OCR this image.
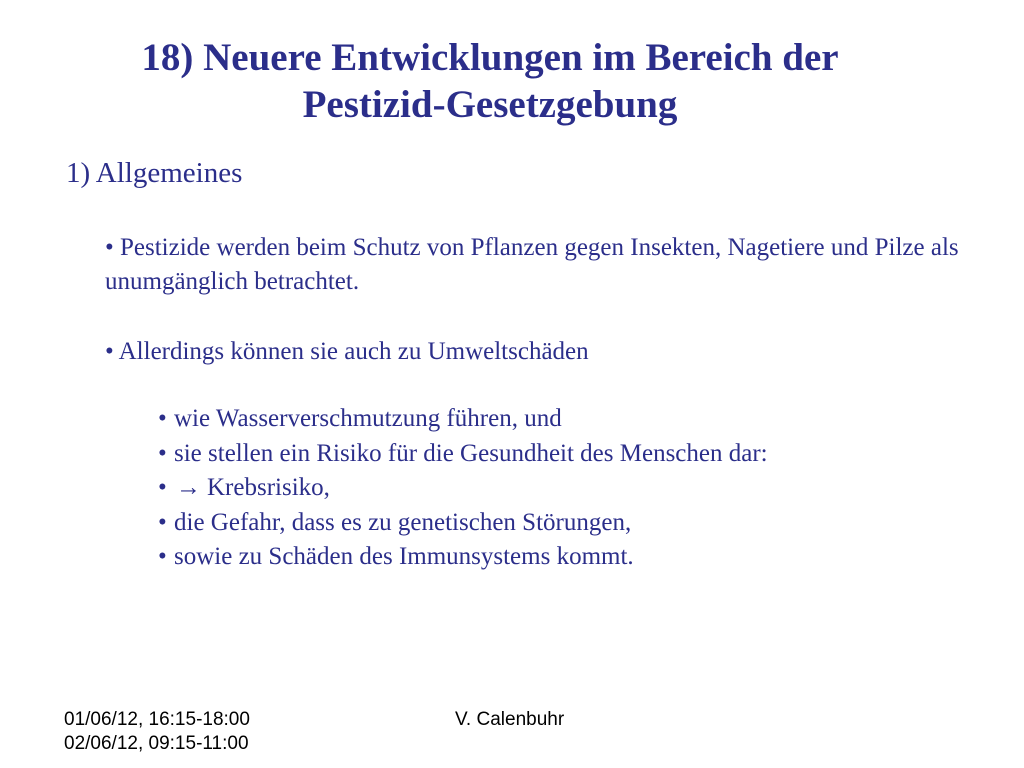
18) Neuere Entwicklungen im Bereich der
Pestizid-Gesetzgebung
1) Allgemeines

• Pestizide werden beim Schutz von Pflanzen gegen Insekten, Nagetiere und Pilze als unumgänglich betrachtet.

• Allerdings können sie auch zu Umweltschäden

• wie Wasserverschmutzung führen, und
• sie stellen ein Risiko für die Gesundheit des Menschen dar:
• → Krebsrisiko,
• die Gefahr, dass es zu genetischen Störungen,
• sowie zu Schäden des Immunsystems kommt.
01/06/12, 16:15-18:00
02/06/12, 09:15-11:00
V. Calenbuhr
